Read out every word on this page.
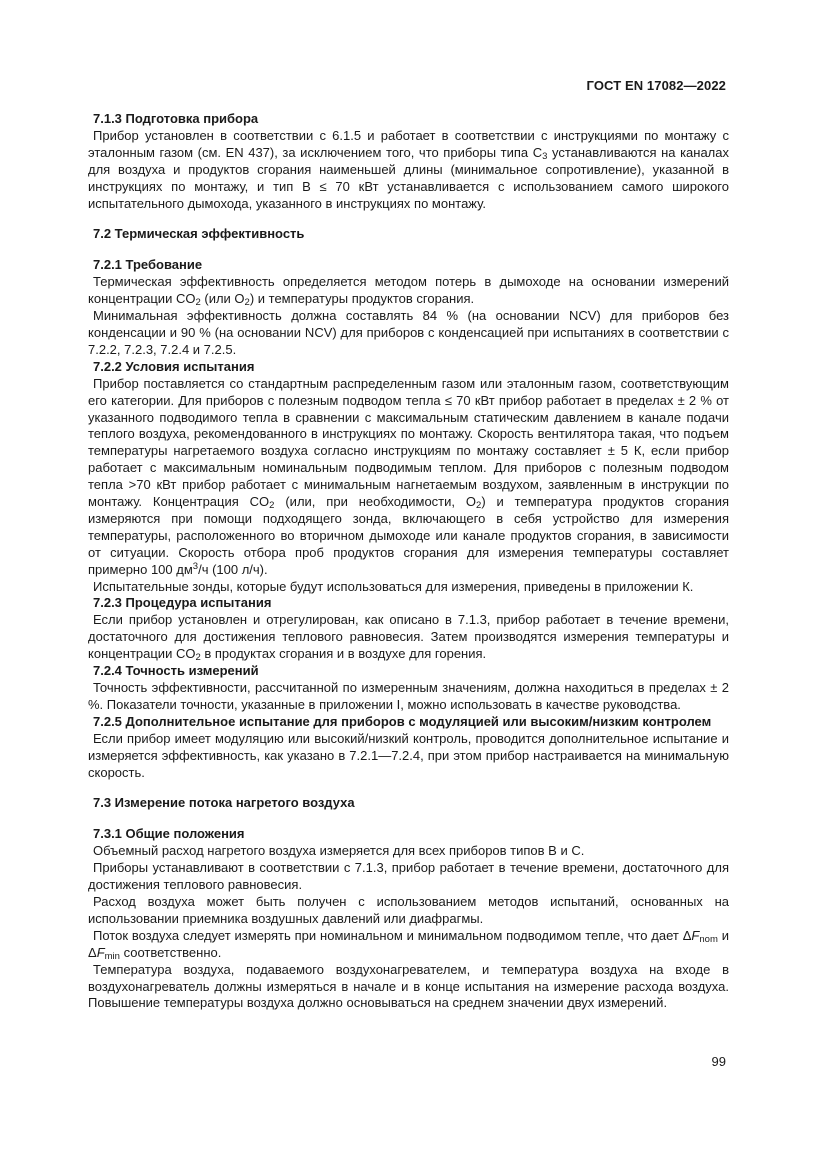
ГОСТ EN 17082—2022

7.1.3 Подготовка прибора

Прибор установлен в соответствии с 6.1.5 и работает в соответствии с инструкциями по монтажу с эталонным газом (см. EN 437), за исключением того, что приборы типа $С_3$ устанавливаются на каналах для воздуха и продуктов сгорания наименьшей длины (минимальное сопротивление), указанной в инструкциях по монтажу, и тип В ≤ 70 кВт устанавливается с использованием самого широкого испытательного дымохода, указанного в инструкциях по монтажу.

7.2 Термическая эффективность

7.2.1 Требование

Термическая эффективность определяется методом потерь в дымоходе на основании измерений концентрации $CO_2$ (или $O_2$) и температуры продуктов сгорания.

Минимальная эффективность должна составлять 84 % (на основании NCV) для приборов без конденсации и 90 % (на основании NCV) для приборов с конденсацией при испытаниях в соответствии с 7.2.2, 7.2.3, 7.2.4 и 7.2.5.

7.2.2 Условия испытания

Прибор поставляется со стандартным распределенным газом или эталонным газом, соответствующим его категории. Для приборов с полезным подводом тепла ≤ 70 кВт прибор работает в пределах ± 2 % от указанного подводимого тепла в сравнении с максимальным статическим давлением в канале подачи теплого воздуха, рекомендованного в инструкциях по монтажу. Скорость вентилятора такая, что подъем температуры нагретаемого воздуха согласно инструкциям по монтажу составляет ± 5 К, если прибор работает с максимальным номинальным подводимым теплом. Для приборов с полезным подводом тепла >70 кВт прибор работает с минимальным нагнетаемым воздухом, заявленным в инструкции по монтажу. Концентрация $CO_2$ (или, при необходимости, $O_2$) и температура продуктов сгорания измеряются при помощи подходящего зонда, включающего в себя устройство для измерения температуры, расположенного во вторичном дымоходе или канале продуктов сгорания, в зависимости от ситуации. Скорость отбора проб продуктов сгорания для измерения температуры составляет примерно 100 $дм^3/ч$ (100 л/ч).

Испытательные зонды, которые будут использоваться для измерения, приведены в приложении К.

7.2.3 Процедура испытания

Если прибор установлен и отрегулирован, как описано в 7.1.3, прибор работает в течение времени, достаточного для достижения теплового равновесия. Затем производятся измерения температуры и концентрации $CO_2$ в продуктах сгорания и в воздухе для горения.

7.2.4 Точность измерений

Точность эффективности, рассчитанной по измеренным значениям, должна находиться в пределах ± 2 %. Показатели точности, указанные в приложении I, можно использовать в качестве руководства.

7.2.5 Дополнительное испытание для приборов с модуляцией или высоким/низким контролем

Если прибор имеет модуляцию или высокий/низкий контроль, проводится дополнительное испытание и измеряется эффективность, как указано в 7.2.1—7.2.4, при этом прибор настраивается на минимальную скорость.

7.3 Измерение потока нагретого воздуха

7.3.1 Общие положения

Объемный расход нагретого воздуха измеряется для всех приборов типов В и С.

Приборы устанавливают в соответствии с 7.1.3, прибор работает в течение времени, достаточного для достижения теплового равновесия.

Расход воздуха может быть получен с использованием методов испытаний, основанных на использовании приемника воздушных давлений или диафрагмы.

Поток воздуха следует измерять при номинальном и минимальном подводимом тепле, что дает $\Delta F_{nom}$ и $\Delta F_{min}$ соответственно.

Температура воздуха, подаваемого воздухонагревателем, и температура воздуха на входе в воздухонагреватель должны измеряться в начале и в конце испытания на измерение расхода воздуха. Повышение температуры воздуха должно основываться на среднем значении двух измерений.

99
